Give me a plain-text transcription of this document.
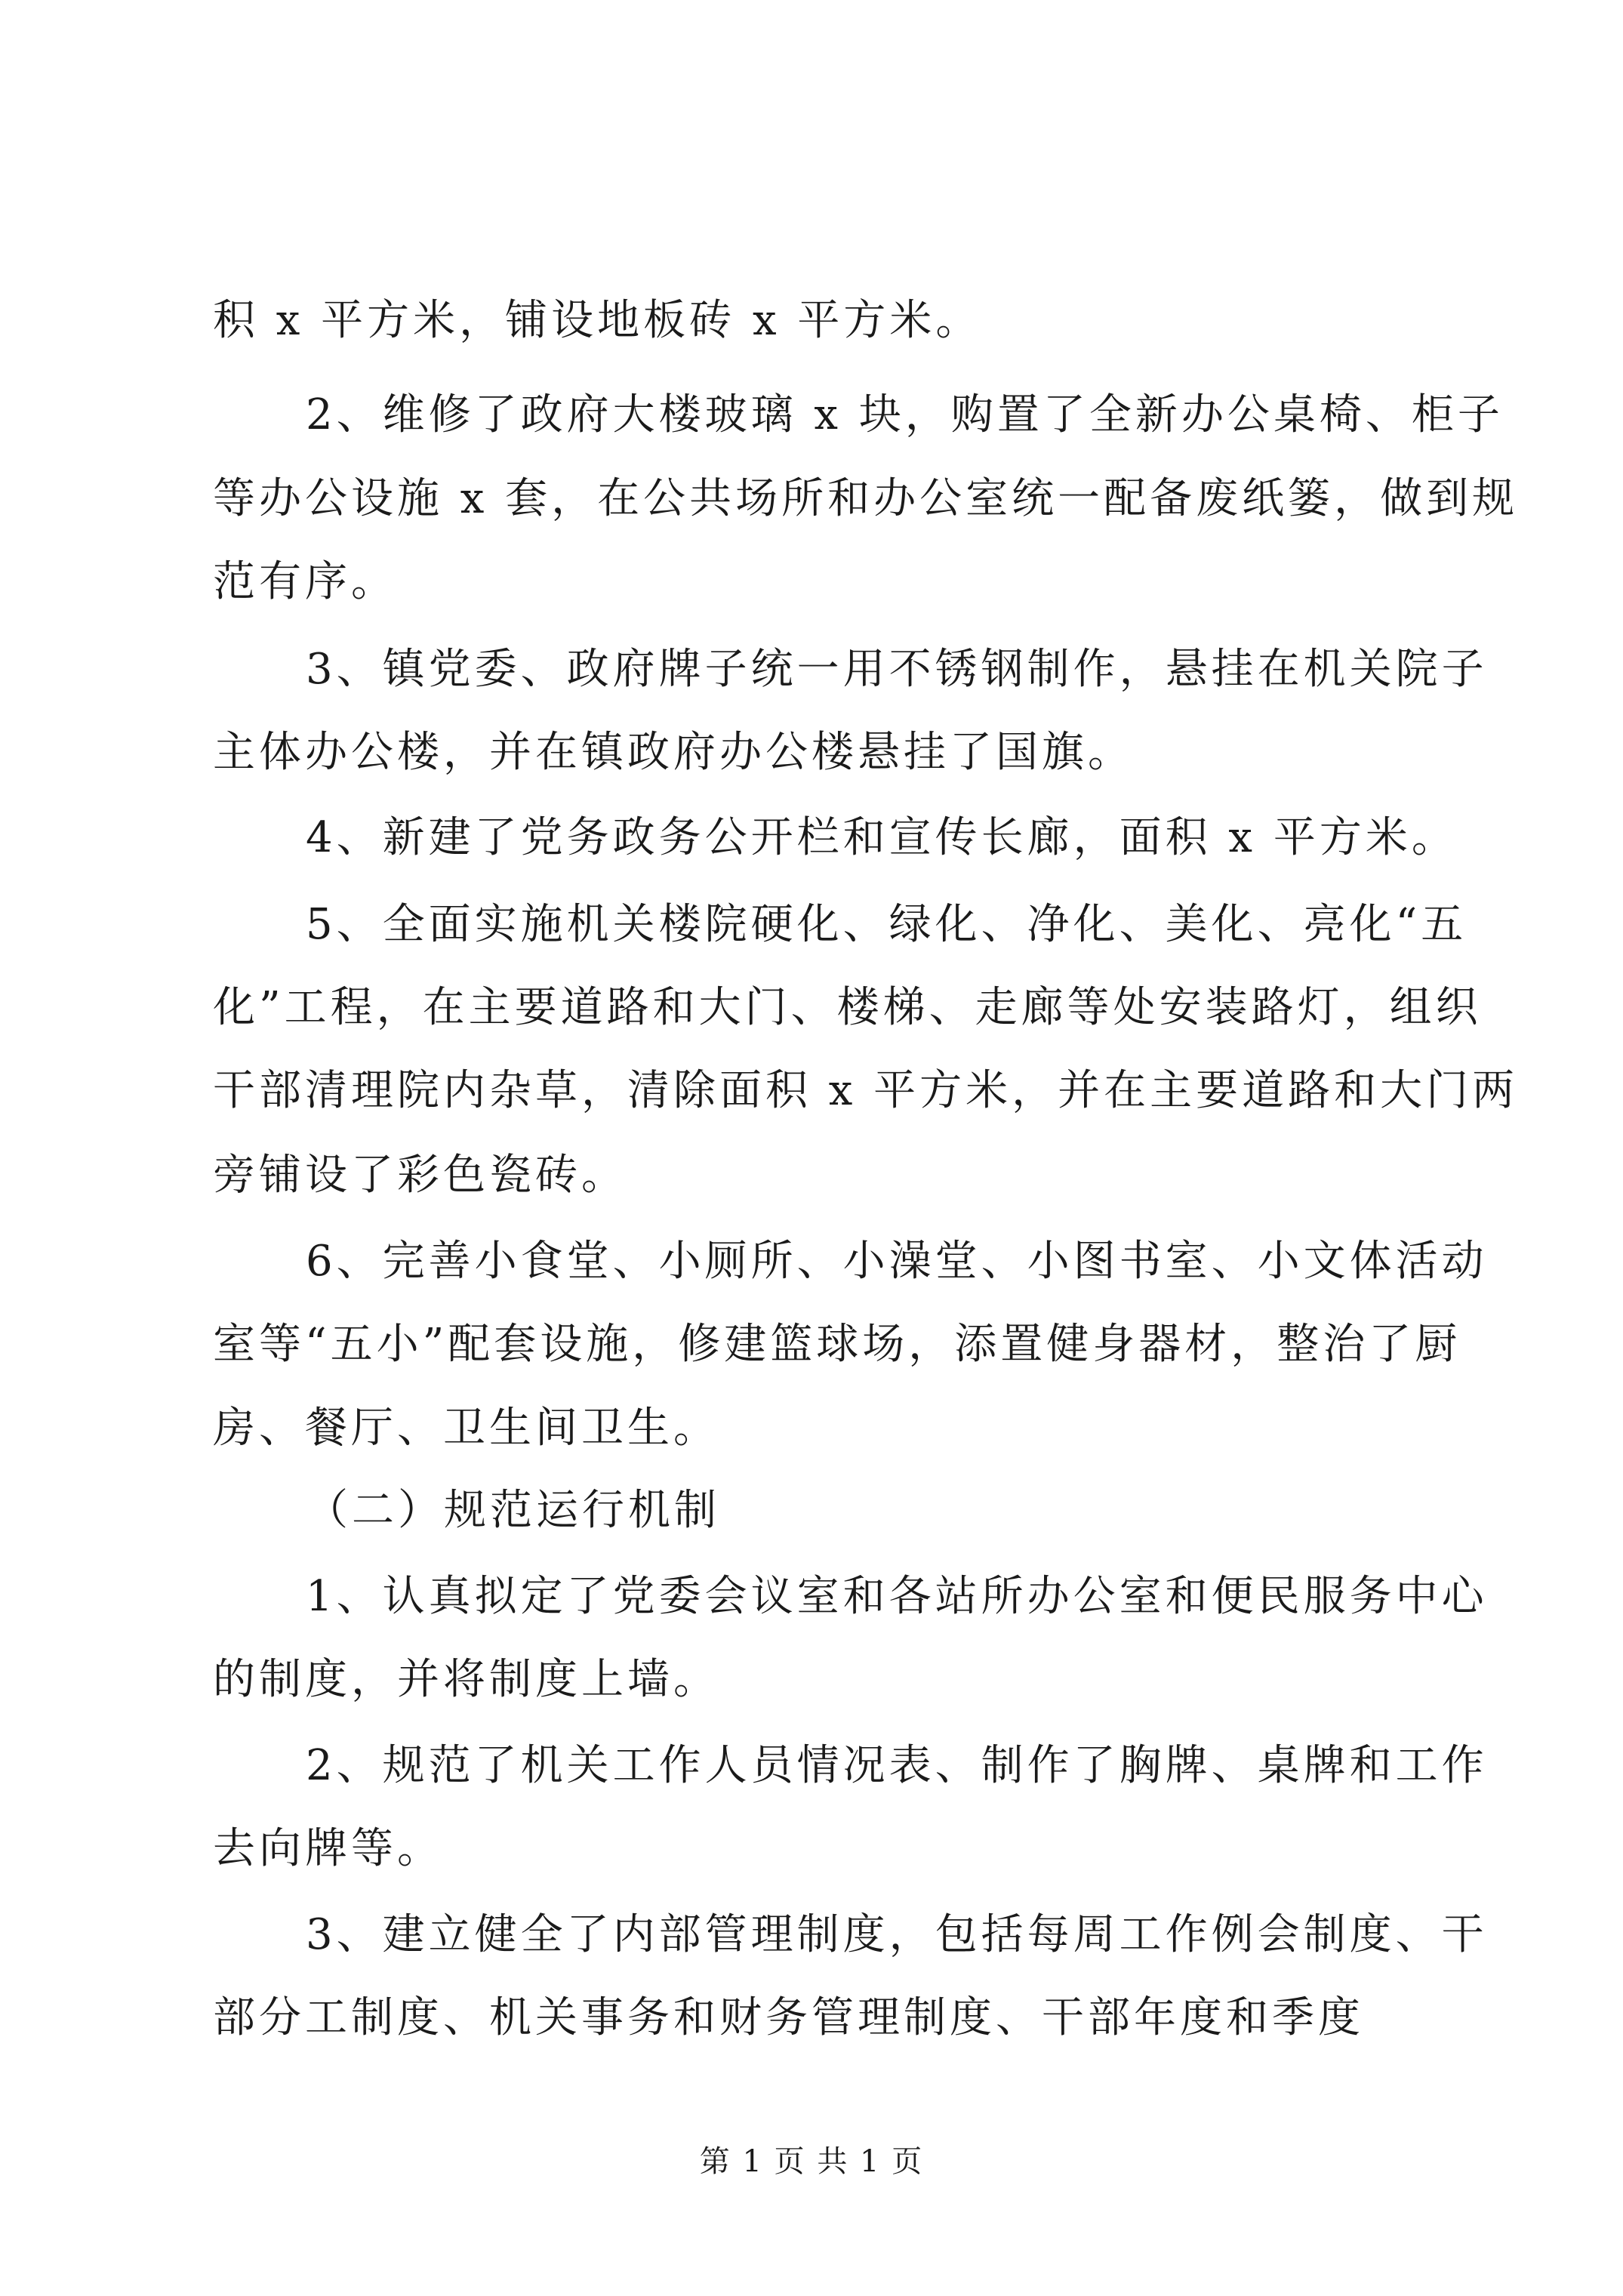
积 x 平方米，铺设地板砖 x 平方米。
2、维修了政府大楼玻璃 x 块，购置了全新办公桌椅、柜子
等办公设施 x 套，在公共场所和办公室统一配备废纸篓，做到规
范有序。
3、镇党委、政府牌子统一用不锈钢制作，悬挂在机关院子
主体办公楼，并在镇政府办公楼悬挂了国旗。
4、新建了党务政务公开栏和宣传长廊，面积 x 平方米。
5、全面实施机关楼院硬化、绿化、净化、美化、亮化“五
化”工程，在主要道路和大门、楼梯、走廊等处安装路灯，组织
干部清理院内杂草，清除面积 x 平方米，并在主要道路和大门两
旁铺设了彩色瓷砖。
6、完善小食堂、小厕所、小澡堂、小图书室、小文体活动
室等“五小”配套设施，修建篮球场，添置健身器材，整治了厨
房、餐厅、卫生间卫生。
（二）规范运行机制
1、认真拟定了党委会议室和各站所办公室和便民服务中心
的制度，并将制度上墙。
2、规范了机关工作人员情况表、制作了胸牌、桌牌和工作
去向牌等。
3、建立健全了内部管理制度，包括每周工作例会制度、干
部分工制度、机关事务和财务管理制度、干部年度和季度
第 1 页 共 1 页
